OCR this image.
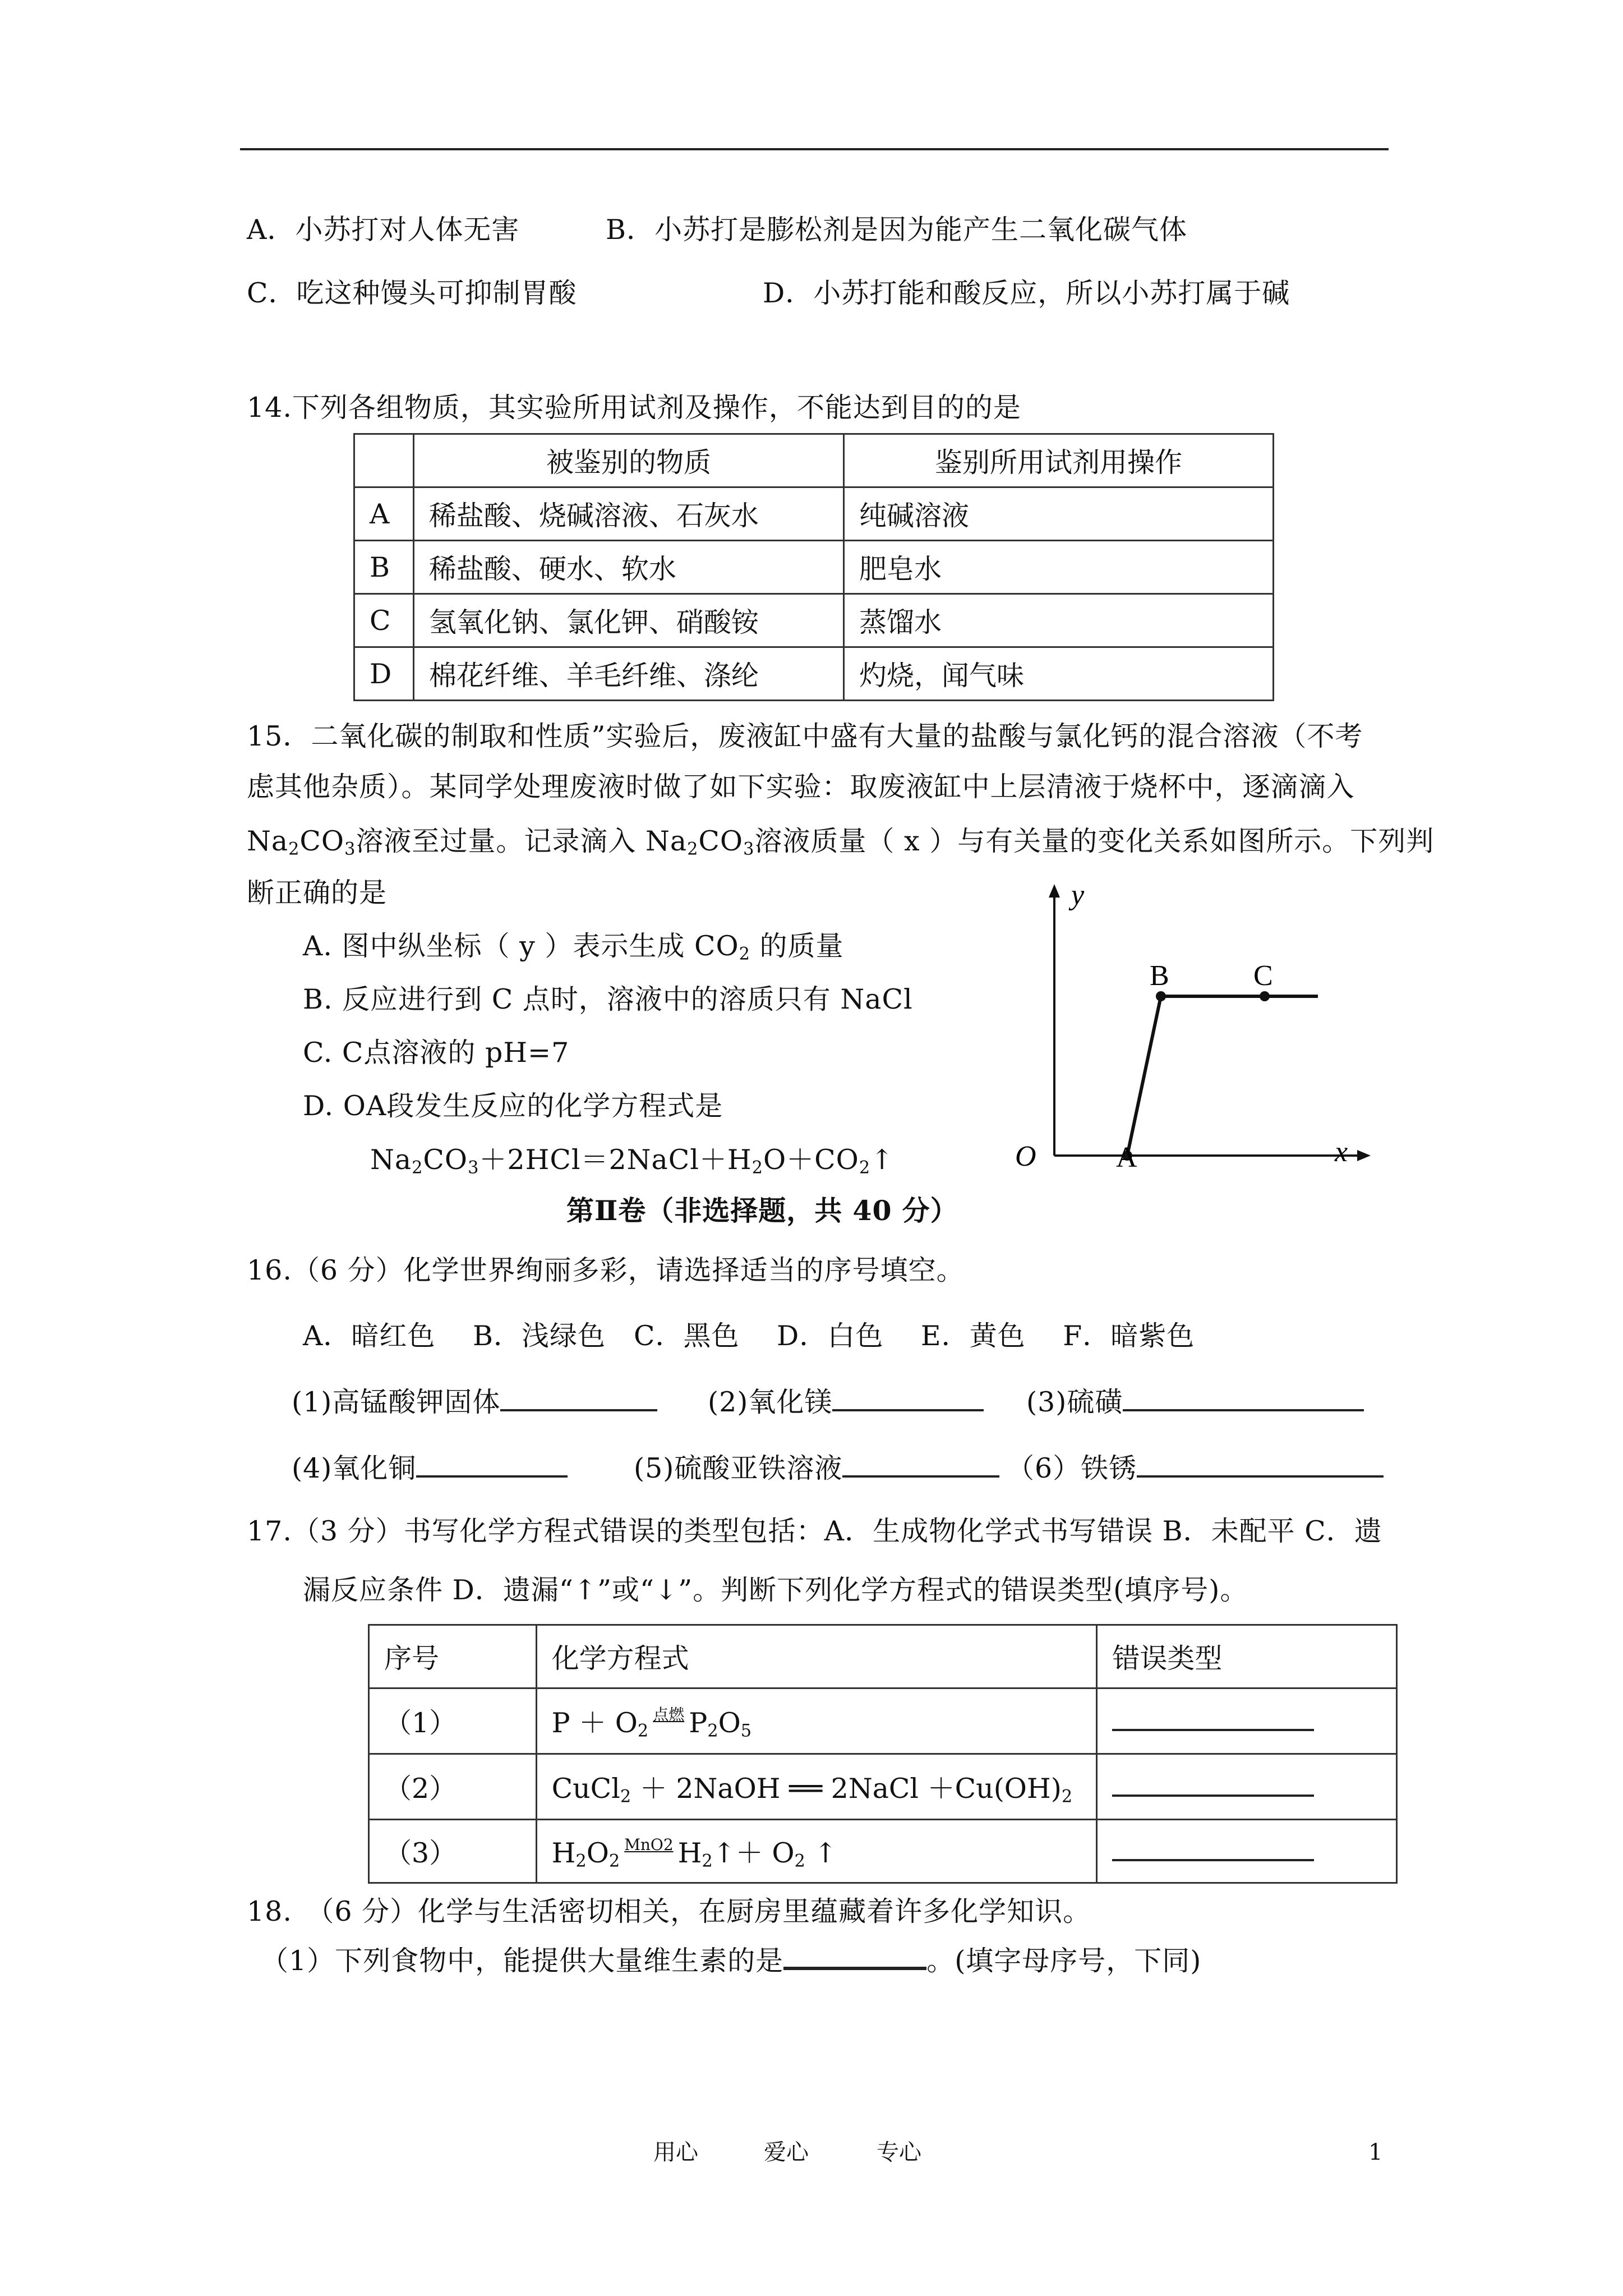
A．小苏打对人体无害	B．小苏打是膨松剂是因为能产生二氧化碳气体
C．吃这种馒头可抑制胃酸	D．小苏打能和酸反应，所以小苏打属于碱
14.下列各组物质，其实验所用试剂及操作，不能达到目的的是
	被鉴别的物质	鉴别所用试剂用操作
A	稀盐酸、烧碱溶液、石灰水	纯碱溶液
B	稀盐酸、硬水、软水	肥皂水
C	氢氧化钠、氯化钾、硝酸铵	蒸馏水
D	棉花纤维、羊毛纤维、涤纶	灼烧，闻气味
15．二氧化碳的制取和性质”实验后，废液缸中盛有大量的盐酸与氯化钙的混合溶液（不考
虑其他杂质）。某同学处理废液时做了如下实验：取废液缸中上层清液于烧杯中，逐滴滴入
$Na_2CO_3$溶液至过量。记录滴入 $Na_2CO_3$溶液质量（ x ）与有关量的变化关系如图所示。下列判
断正确的是
A. 图中纵坐标（ y ）表示生成 $CO_2$ 的质量
B. 反应进行到 C 点时，溶液中的溶质只有 NaCl
C. C点溶液的 pH=7
D. OA段发生反应的化学方程式是
$Na_2CO_3+2HCl=2NaCl+H_2O+CO_2↑$
y
x
O	A
B	C
第Ⅱ卷（非选择题，共 40 分）
16.（6 分）化学世界绚丽多彩，请选择适当的序号填空。
A．暗红色　 B．浅绿色　C．黑色　 D．白色　 E．黄色　 F．暗紫色
(1)高锰酸钾固体	(2)氧化镁	(3)硫磺
(4)氧化铜	(5)硫酸亚铁溶液	（6）铁锈
17.（3 分）书写化学方程式错误的类型包括：A．生成物化学式书写错误 B．未配平 C．遗
漏反应条件 D．遗漏“↑”或“↓”。判断下列化学方程式的错误类型(填序号)。
序号	化学方程式	错误类型
（1）	$P + O_2$点燃 $P_2O_5$	
（2）	CuCl$_2$ ＋ 2NaOH ══ 2NaCl $+Cu(OH)_2$	
（3）	$H_2O_2MnO2$ $H_2↑+ O_2$ ↑	
18.　（6 分）化学与生活密切相关，在厨房里蕴藏着许多化学知识。
（1）下列食物中，能提供大量维生素的是	。(填字母序号，下同)
用心	爱心	专心	1
